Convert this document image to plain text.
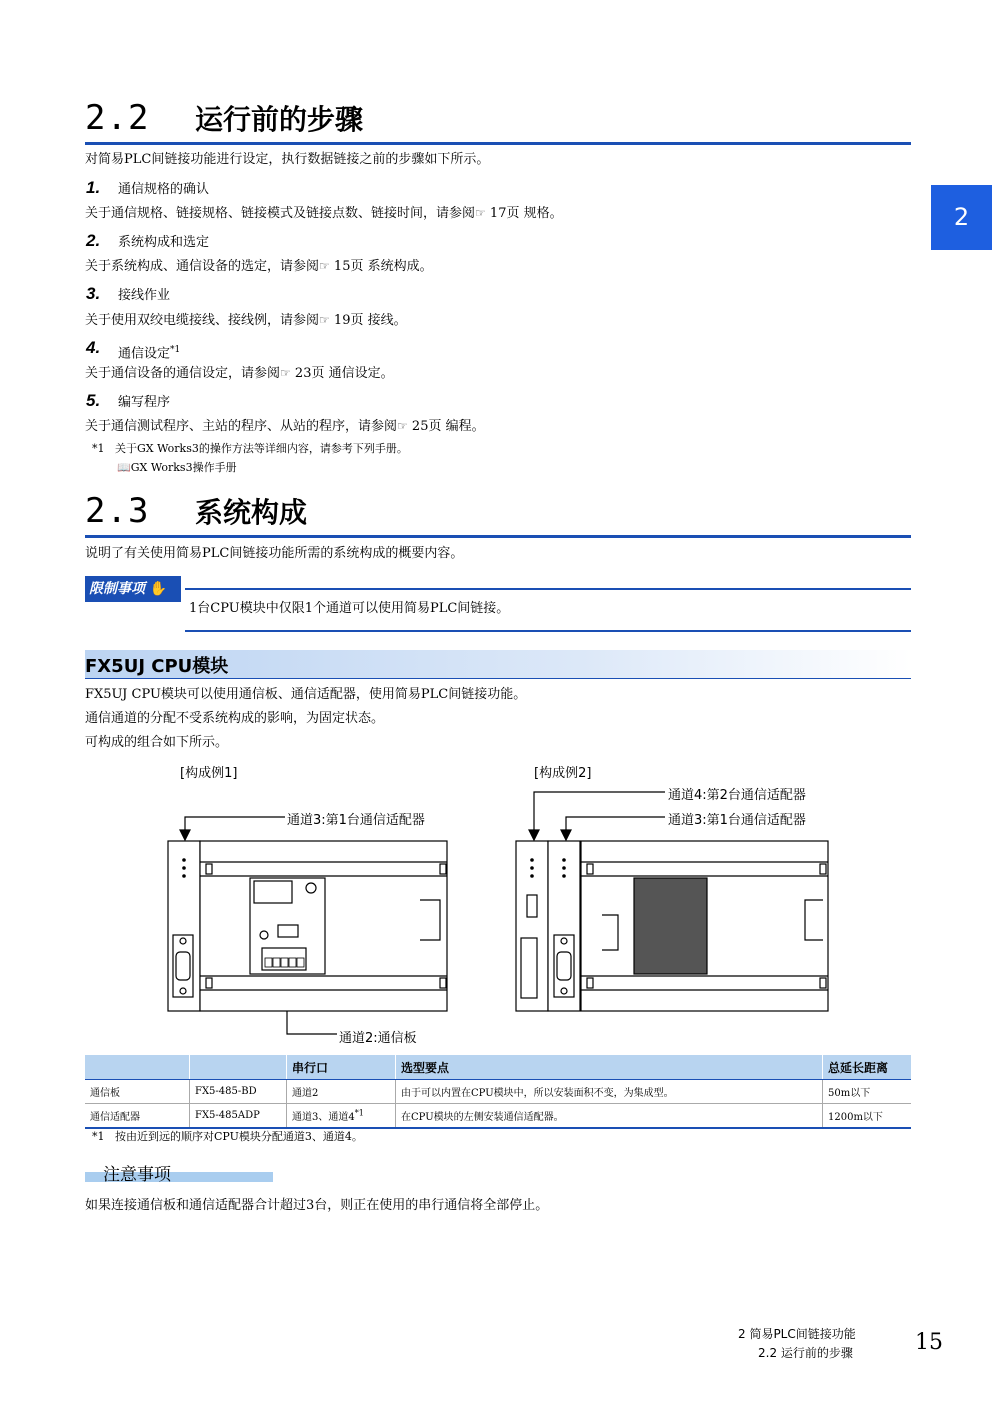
2
2.2 运行前的步骤
对简易PLC间链接功能进行设定，执行数据链接之前的步骤如下所示。
1. 通信规格的确认
关于通信规格、链接规格、链接模式及链接点数、链接时间，请参阅☞ 17页 规格。
2. 系统构成和选定
关于系统构成、通信设备的选定，请参阅☞ 15页 系统构成。
3. 接线作业
关于使用双绞电缆接线、接线例，请参阅☞ 19页 接线。
4. 通信设定$^{*1}$
关于通信设备的通信设定，请参阅☞ 23页 通信设定。
5. 编写程序
关于通信测试程序、主站的程序、从站的程序，请参阅☞ 25页 编程。
*1 关于GX Works3的操作方法等详细内容，请参考下列手册。
📖GX Works3操作手册
2.3 系统构成
说明了有关使用简易PLC间链接功能所需的系统构成的概要内容。
限制事项 ✋
1台CPU模块中仅限1个通道可以使用简易PLC间链接。
FX5UJ CPU模块
FX5UJ CPU模块可以使用通信板、通信适配器，使用简易PLC间链接功能。
通信通道的分配不受系统构成的影响，为固定状态。
可构成的组合如下所示。
[构成例1]	[构成例2]
通道3:第1台通信适配器
通道2:通信板
通道4:第2台通信适配器
通道3:第1台通信适配器
		串行口	选型要点	总延长距离
通信板	FX5-485-BD	通道2	由于可以内置在CPU模块中，所以安装面积不变，为集成型。	50m以下
通信适配器	FX5-485ADP	通道3、通道4$^{*1}$	在CPU模块的左侧安装通信适配器。	1200m以下
*1 按由近到远的顺序对CPU模块分配通道3、通道4。
注意事项
如果连接通信板和通信适配器合计超过3台，则正在使用的串行通信将全部停止。
2 简易PLC间链接功能
2.2 运行前的步骤	15
